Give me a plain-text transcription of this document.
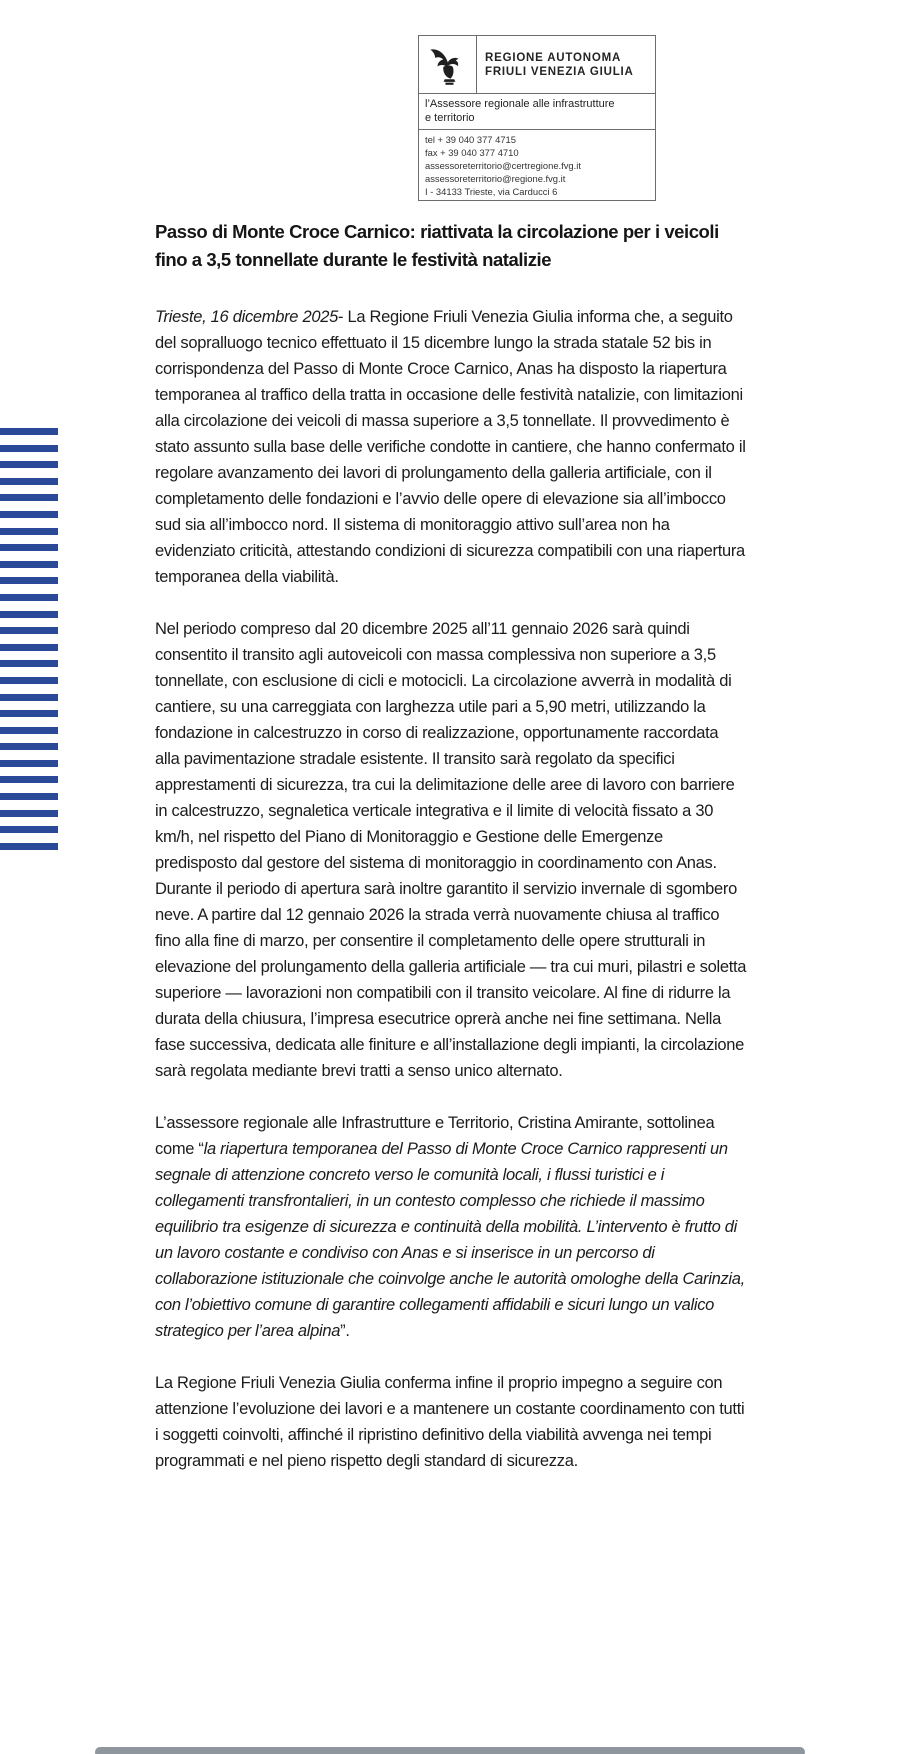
REGIONE AUTONOMA
FRIULI VENEZIA GIULIA
l’Assessore regionale alle infrastrutture
e territorio
tel + 39 040 377 4715
fax + 39 040 377 4710
assessoreterritorio@certregione.fvg.it
assessoreterritorio@regione.fvg.it
I - 34133 Trieste, via Carducci 6
Passo di Monte Croce Carnico: riattivata la circolazione per i veicoli
fino a 3,5 tonnellate durante le festività natalizie

Trieste, 16 dicembre 2025- La Regione Friuli Venezia Giulia informa che, a seguito del sopralluogo tecnico effettuato il 15 dicembre lungo la strada statale 52 bis in corrispondenza del Passo di Monte Croce Carnico, Anas ha disposto la riapertura temporanea al traffico della tratta in occasione delle festività natalizie, con limitazioni alla circolazione dei veicoli di massa superiore a 3,5 tonnellate. Il provvedimento è stato assunto sulla base delle verifiche condotte in cantiere, che hanno confermato il regolare avanzamento dei lavori di prolungamento della galleria artificiale, con il completamento delle fondazioni e l’avvio delle opere di elevazione sia all’imbocco sud sia all’imbocco nord. Il sistema di monitoraggio attivo sull’area non ha evidenziato criticità, attestando condizioni di sicurezza compatibili con una riapertura temporanea della viabilità.

Nel periodo compreso dal 20 dicembre 2025 all’11 gennaio 2026 sarà quindi consentito il transito agli autoveicoli con massa complessiva non superiore a 3,5 tonnellate, con esclusione di cicli e motocicli. La circolazione avverrà in modalità di cantiere, su una carreggiata con larghezza utile pari a 5,90 metri, utilizzando la fondazione in calcestruzzo in corso di realizzazione, opportunamente raccordata alla pavimentazione stradale esistente. Il transito sarà regolato da specifici apprestamenti di sicurezza, tra cui la delimitazione delle aree di lavoro con barriere in calcestruzzo, segnaletica verticale integrativa e il limite di velocità fissato a 30 km/h, nel rispetto del Piano di Monitoraggio e Gestione delle Emergenze predisposto dal gestore del sistema di monitoraggio in coordinamento con Anas. Durante il periodo di apertura sarà inoltre garantito il servizio invernale di sgombero neve. A partire dal 12 gennaio 2026 la strada verrà nuovamente chiusa al traffico fino alla fine di marzo, per consentire il completamento delle opere strutturali in elevazione del prolungamento della galleria artificiale — tra cui muri, pilastri e soletta superiore — lavorazioni non compatibili con il transito veicolare. Al fine di ridurre la durata della chiusura, l’impresa esecutrice oprerà anche nei fine settimana. Nella fase successiva, dedicata alle finiture e all’installazione degli impianti, la circolazione sarà regolata mediante brevi tratti a senso unico alternato.

L’assessore regionale alle Infrastrutture e Territorio, Cristina Amirante, sottolinea come “la riapertura temporanea del Passo di Monte Croce Carnico rappresenti un segnale di attenzione concreto verso le comunità locali, i flussi turistici e i collegamenti transfrontalieri, in un contesto complesso che richiede il massimo equilibrio tra esigenze di sicurezza e continuità della mobilità. L’intervento è frutto di un lavoro costante e condiviso con Anas e si inserisce in un percorso di collaborazione istituzionale che coinvolge anche le autorità omologhe della Carinzia, con l’obiettivo comune di garantire collegamenti affidabili e sicuri lungo un valico strategico per l’area alpina”.

La Regione Friuli Venezia Giulia conferma infine il proprio impegno a seguire con attenzione l’evoluzione dei lavori e a mantenere un costante coordinamento con tutti i soggetti coinvolti, affinché il ripristino definitivo della viabilità avvenga nei tempi programmati e nel pieno rispetto degli standard di sicurezza.
